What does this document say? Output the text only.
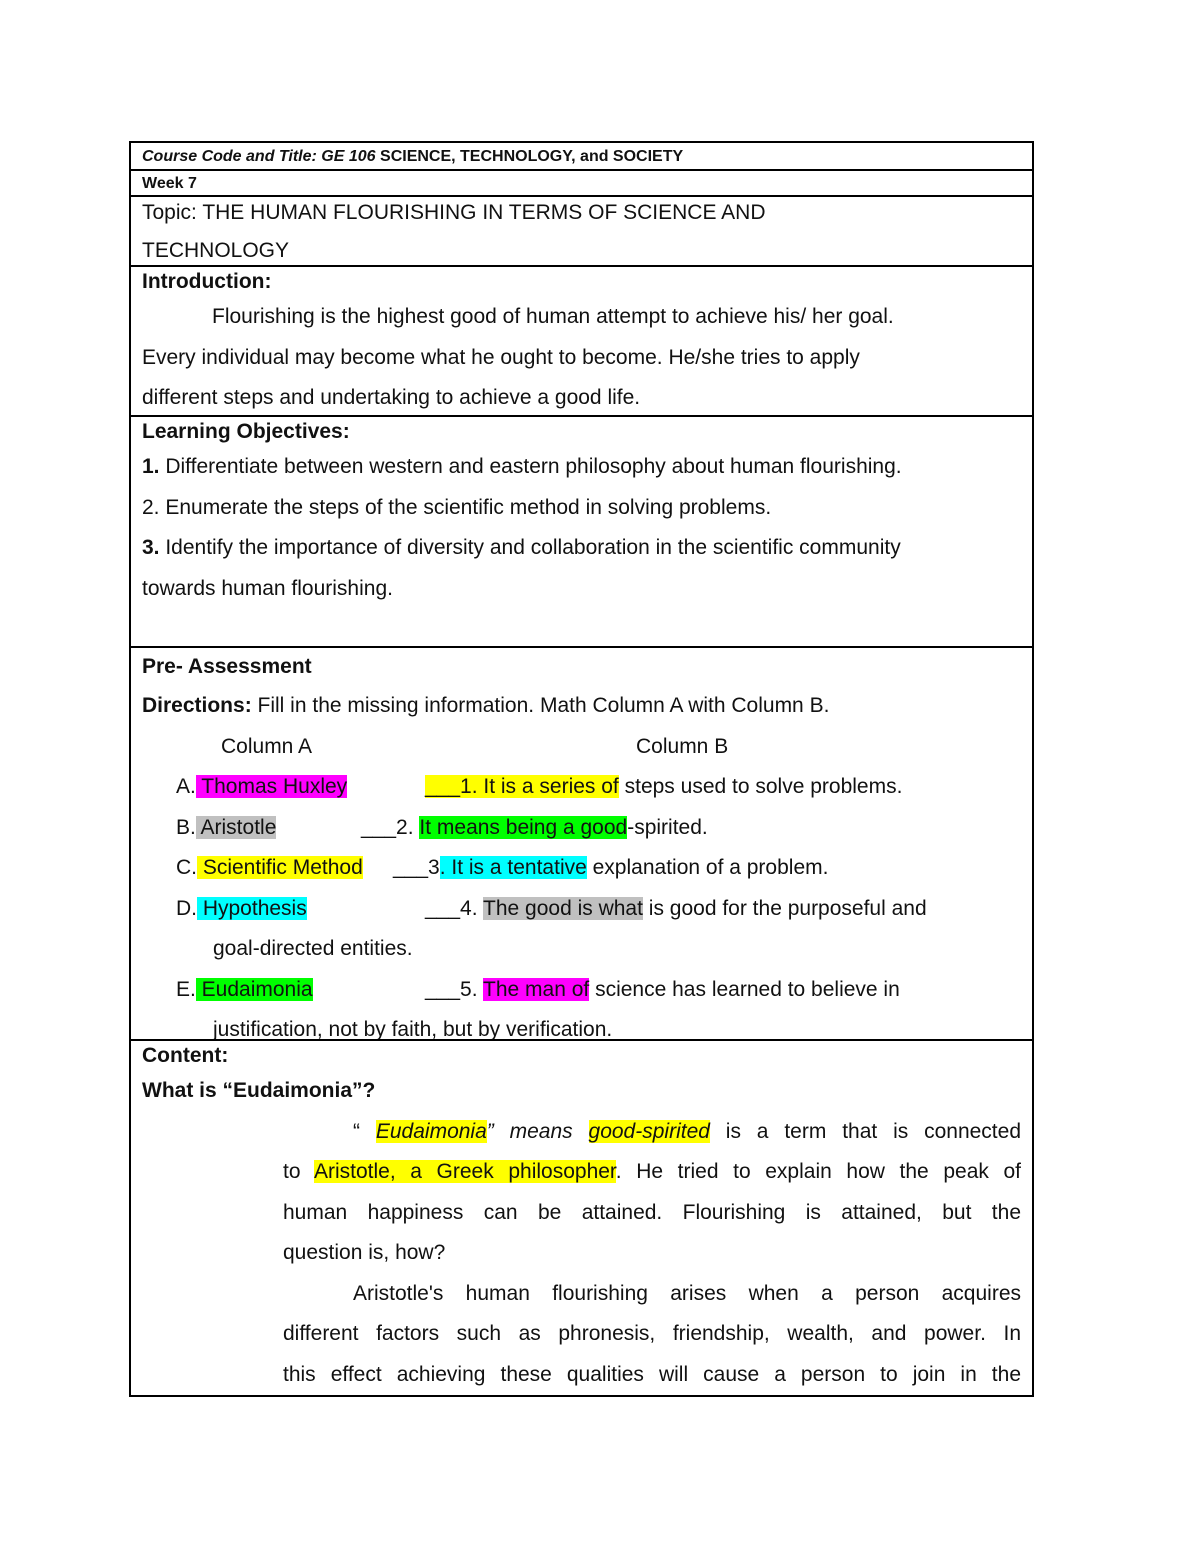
Course Code and Title: GE 106 SCIENCE, TECHNOLOGY, and SOCIETY
Week 7
Topic: THE HUMAN FLOURISHING IN TERMS OF SCIENCE AND
TECHNOLOGY
Introduction:
Flourishing is the highest good of human attempt to achieve his/ her goal.
Every individual may become what he ought to become. He/she tries to apply
different steps and undertaking to achieve a good life.
Learning Objectives:
1. Differentiate between western and eastern philosophy about human flourishing.
2. Enumerate the steps of the scientific method in solving problems.
3. Identify the importance of diversity and collaboration in the scientific community
towards human flourishing.
Pre- Assessment
Directions: Fill in the missing information. Math Column A with Column B.
Column A	Column B
A. Thomas Huxley	___1. It is a series of steps used to solve problems.
B. Aristotle	___2. It means being a good-spirited.
C. Scientific Method ___3. It is a tentative explanation of a problem.
D. Hypothesis	___4. The good is what is good for the purposeful and
goal-directed entities.
E. Eudaimonia	___5. The man of science has learned to believe in
justification, not by faith, but by verification.
Content:
What is “Eudaimonia”?
“ Eudaimonia” means good-spirited is a term that is connected
to Aristotle, a Greek philosopher. He tried to explain how the peak of
human happiness can be attained. Flourishing is attained, but the
question is, how?
Aristotle's human flourishing arises when a person acquires
different factors such as phronesis, friendship, wealth, and power. In
this effect achieving these qualities will cause a person to join in the
